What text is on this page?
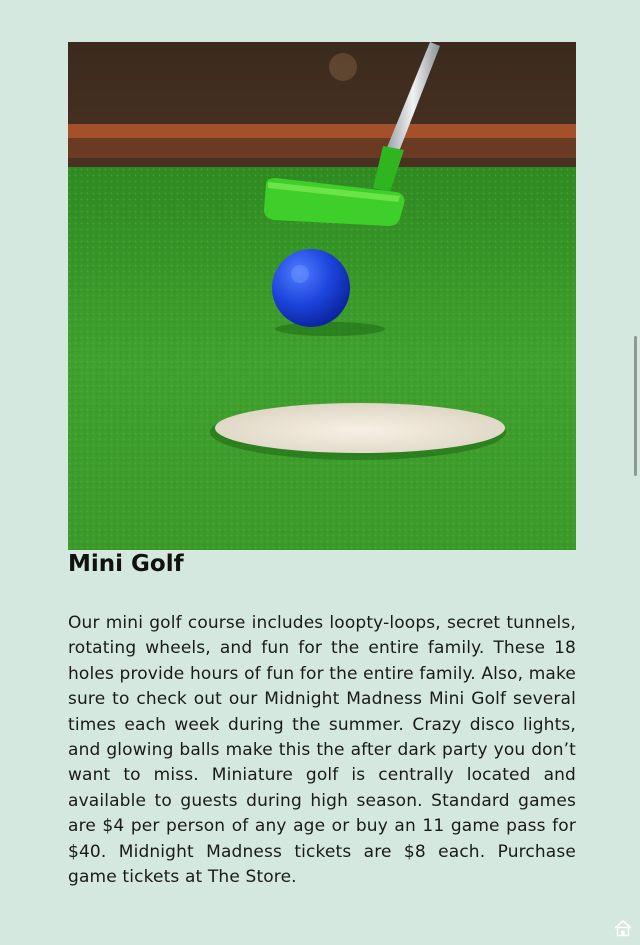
Mini Golf

Our mini golf course includes loopty-loops, secret tunnels, rotating wheels, and fun for the entire family. These 18 holes provide hours of fun for the entire family. Also, make sure to check out our Midnight Madness Mini Golf several times each week during the summer. Crazy disco lights, and glowing balls make this the after dark party you don’t want to miss. Miniature golf is centrally located and available to guests during high season. Standard games are $4 per person of any age or buy an 11 game pass for $40. Midnight Madness tickets are $8 each. Purchase game tickets at The Store.
